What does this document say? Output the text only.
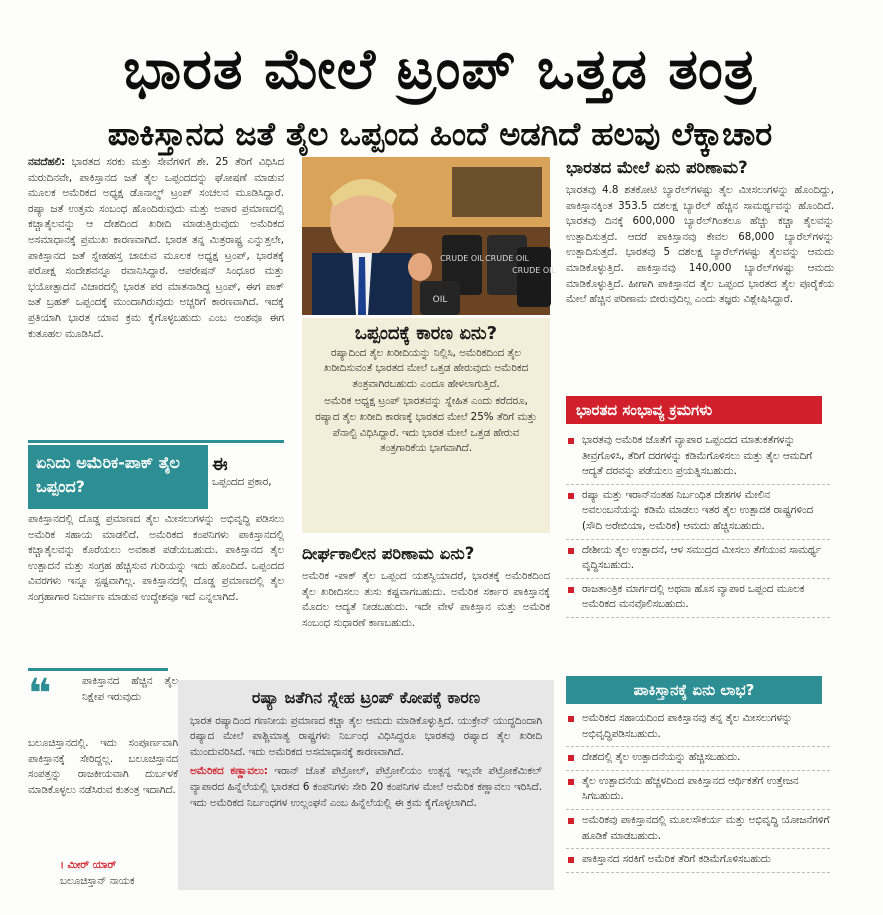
ಭಾರತ ಮೇಲೆ ಟ್ರಂಪ್ ಒತ್ತಡ ತಂತ್ರ
ಪಾಕಿಸ್ತಾನದ ಜತೆ ತೈಲ ಒಪ್ಪಂದ ಹಿಂದೆ ಅಡಗಿದೆ ಹಲವು ಲೆಕ್ಕಾಚಾರ
ನವದೆಹಲಿ: ಭಾರತದ ಸರಕು ಮತ್ತು ಸೇವೆಗಳಿಗೆ ಶೇ. 25 ತೆರಿಗೆ ವಿಧಿಸಿದ ಮರುದಿನವೇ, ಪಾಕಿಸ್ತಾನದ ಜತೆ ತೈಲ ಒಪ್ಪಂದದನ್ನು ಘೋಷಣೆ ಮಾಡುವ ಮೂಲಕ ಅಮೆರಿಕದ ಅಧ್ಯಕ್ಷ ಡೊನಾಲ್ಡ್ ಟ್ರಂಪ್ ಸಂಚಲನ ಮೂಡಿಸಿದ್ದಾರೆ. ರಷ್ಯಾ ಜತೆ ಉತ್ತಮ ಸಂಬಂಧ ಹೊಂದಿರುವುದು ಮತ್ತು ಅಪಾರ ಪ್ರಮಾಣದಲ್ಲಿ ಕಚ್ಚಾತೈಲವನ್ನು ಆ ದೇಶದಿಂದ ಖರೀದಿ ಮಾಡುತ್ತಿರುವುದು ಅಮೆರಿಕದ ಅಸಮಾಧಾನಕ್ಕೆ ಪ್ರಮುಖ ಕಾರಣವಾಗಿದೆ. ಭಾರತ ತನ್ನ ಮಿತ್ರರಾಷ್ಟ್ರ ಎನ್ನುತ್ತಲೇ, ಪಾಕಿಸ್ತಾನದ ಜತೆ ಸ್ನೇಹಹಸ್ತ ಚಾಚುವ ಮೂಲಕ ಅಧ್ಯಕ್ಷ ಟ್ರಂಪ್, ಭಾರತಕ್ಕೆ ಪರೋಕ್ಷ ಸಂದೇಶವನ್ನೂ ರವಾನಿಸಿದ್ದಾರೆ. ಆಪರೇಷನ್ ಸಿಂಧೂರ ಮತ್ತು ಭಯೋತ್ಪಾದನೆ ವಿಚಾರದಲ್ಲಿ ಭಾರತ ಪರ ಮಾತನಾಡಿದ್ದ ಟ್ರಂಪ್, ಈಗ ಪಾಕ್ ಜತೆ ಬ್ರಹತ್ ಒಪ್ಪಂದಕ್ಕೆ ಮುಂದಾಗಿರುವುದು ಅಚ್ಚರಿಗೆ ಕಾರಣವಾಗಿದೆ. ಇದಕ್ಕೆ ಪ್ರತಿಯಾಗಿ ಭಾರತ ಯಾವ ಕ್ರಮ ಕೈಗೊಳ್ಳಬಹುದು ಎಂಬ ಅಂಶವೂ ಈಗ ಕುತೂಹಲ ಮೂಡಿಸಿದೆ.
ಏನಿದು ಅಮೆರಿಕ-ಪಾಕ್ ತೈಲ ಒಪ್ಪಂದ?
ಈ
ಒಪ್ಪಂದದ ಪ್ರಕಾರ,
ಪಾಕಿಸ್ತಾನದಲ್ಲಿ ದೊಡ್ಡ ಪ್ರಮಾಣದ ತೈಲ ಮೀಸಲುಗಳನ್ನು ಅಭಿವೃದ್ಧಿ ಪಡಿಸಲು ಅಮೆರಿಕ ಸಹಾಯ ಮಾಡಲಿದೆ. ಅಮೆರಿಕದ ಕಂಪನಿಗಳು ಪಾಕಿಸ್ತಾನದಲ್ಲಿ ಕಚ್ಚಾತೈಲವನ್ನು ಕೊರೆಯಲು ಅವಕಾಶ ಪಡೆಯಬಹುದು. ಪಾಕಿಸ್ತಾನದ ತೈಲ ಉತ್ಪಾದನೆ ಮತ್ತು ಸಂಗ್ರಹ ಹೆಚ್ಚಿಸುವ ಗುರಿಯನ್ನು ಇದು ಹೊಂದಿದೆ. ಒಪ್ಪಂದದ ವಿವರಗಳು ಇನ್ನೂ ಸ್ಪಷ್ಟವಾಗಿಲ್ಲ. ಪಾಕಿಸ್ತಾನದಲ್ಲಿ ದೊಡ್ಡ ಪ್ರಮಾಣದಲ್ಲಿ ತೈಲ ಸಂಗ್ರಹಾಗಾರ ನಿರ್ಮಾಣ ಮಾಡುವ ಉದ್ದೇಶವೂ ಇದೆ ಎನ್ನಲಾಗಿದೆ.
❝	ಪಾಕಿಸ್ತಾನದ ಹೆಚ್ಚಿನ ತೈಲ ನಿಕ್ಷೇಪ ಇರುವುದು
ಬಲೂಚಿಸ್ತಾನದಲ್ಲಿ. ಇದು ಸಂಪೂರ್ಣವಾಗಿ ಪಾಕಿಸ್ತಾನಕ್ಕೆ ಸೇರಿದ್ದಲ್ಲ. ಬಲೂಚಿಸ್ತಾನದ ಸಂಪತ್ತನ್ನು ರಾಜಕೀಯವಾಗಿ ದುರ್ಬಳಕೆ ಮಾಡಿಕೊಳ್ಳಲು ನಡೆಸಿರುವ ಕುತಂತ್ರ ಇದಾಗಿದೆ.
। ಮೀರ್ ಯಾರ್
ಬಲೂಚಿಸ್ತಾನ್ ನಾಯಕ
CRUDE OIL CRUDE OIL
CRUDE OIL
OIL
ಒಪ್ಪಂದಕ್ಕೆ ಕಾರಣ ಏನು?

ರಷ್ಯಾದಿಂದ ತೈಲ ಖರೀದಿಯನ್ನು ನಿಲ್ಲಿಸಿ, ಅಮೆರಿಕದಿಂದ ತೈಲ ಖರೀದಿಸುವಂತೆ ಭಾರತದ ಮೇಲೆ ಒತ್ತಡ ಹೇರುವುದು ಅಮೆರಿಕದ ತಂತ್ರವಾಗಿರಬಹುದು ಎಂದೂ ಹೇಳಲಾಗುತ್ತಿದೆ.

ಅಮೆರಿಕ ಅಧ್ಯಕ್ಷ ಟ್ರಂಪ್ ಭಾರತವನ್ನು ಸ್ನೇಹಿತ ಎಂದು ಕರೆದರೂ, ರಷ್ಯಾದ ತೈಲ ಖರೀದಿ ಕಾರಣಕ್ಕೆ ಭಾರತದ ಮೇಲೆ 25% ತೆರಿಗೆ ಮತ್ತು ಪೆನಾಲ್ಟಿ ವಿಧಿಸಿದ್ದಾರೆ. ಇದು ಭಾರತ ಮೇಲೆ ಒತ್ತಡ ಹೇರುವ ತಂತ್ರಗಾರಿಕೆಯ ಭಾಗವಾಗಿದೆ.

ದೀರ್ಘಕಾಲೀನ ಪರಿಣಾಮ ಏನು?

ಅಮೆರಿಕ -ಪಾಕ್ ತೈಲ ಒಪ್ಪಂದ ಯಶಸ್ವಿಯಾದರೆ, ಭಾರತಕ್ಕೆ ಅಮೆರಿಕದಿಂದ ತೈಲ ಖರೀದಿಸಲು ತುಸು ಕಷ್ಟವಾಗಬಹುದು. ಅಮೆರಿಕ ಸರ್ಕಾರ ಪಾಕಿಸ್ತಾನಕ್ಕೆ ಮೊದಲ ಆದ್ಯತೆ ನೀಡಬಹುದು. ಇದೇ ವೇಳೆ ಪಾಕಿಸ್ತಾನ ಮತ್ತು ಅಮೆರಿಕ ಸಂಬಂಧ ಸುಧಾರಣೆ ಕಾಣಬಹುದು.

ಭಾರತದ ಮೇಲೆ ಏನು ಪರಿಣಾಮ?

ಭಾರತವು 4.8 ಶತಕೋಟಿ ಬ್ಯಾರೆಲ್‌ಗಳಷ್ಟು ತೈಲ ಮೀಸಲುಗಳನ್ನು ಹೊಂದಿದ್ದು, ಪಾಕಿಸ್ತಾನಕ್ಕಿಂತ 353.5 ದಶಲಕ್ಷ ಬ್ಯಾರೆಲ್ ಹೆಚ್ಚಿನ ಸಾಮರ್ಥ್ಯವನ್ನು ಹೊಂದಿದೆ. ಭಾರತವು ದಿನಕ್ಕೆ 600,000 ಬ್ಯಾರೆಲ್‌ಗಿಂತಲೂ ಹೆಚ್ಚು ಕಚ್ಚಾ ತೈಲವನ್ನು ಉತ್ಪಾದಿಸುತ್ತದೆ. ಆದರೆ ಪಾಕಿಸ್ತಾನವು ಕೇವಲ 68,000 ಬ್ಯಾರೆಲ್‌ಗಳನ್ನು ಉತ್ಪಾದಿಸುತ್ತದೆ. ಭಾರತವು 5 ದಶಲಕ್ಷ ಬ್ಯಾರೆಲ್‌ಗಳಷ್ಟು ತೈಲವನ್ನು ಆಮದು ಮಾಡಿಕೊಳ್ಳುತ್ತಿದೆ. ಪಾಕಿಸ್ತಾನವು 140,000 ಬ್ಯಾರೆಲ್‌ಗಳಷ್ಟು ಆಮದು ಮಾಡಿಕೊಳ್ಳುತ್ತಿದೆ. ಹೀಗಾಗಿ ಪಾಕಿಸ್ತಾನದ ತೈಲ ಒಪ್ಪಂದ ಭಾರತದ ತೈಲ ಪೂರೈಕೆಯ ಮೇಲೆ ಹೆಚ್ಚಿನ ಪರಿಣಾಮ ಬೀರುವುದಿಲ್ಲ ಎಂದು ತಜ್ಞರು ವಿಶ್ಲೇಷಿಸಿದ್ದಾರೆ.

ಭಾರತದ ಸಂಭಾವ್ಯ ಕ್ರಮಗಳು
ಭಾರತವು ಅಮೆರಿಕ ಜೊತೆಗೆ ವ್ಯಾಪಾರ ಒಪ್ಪಂದದ ಮಾತುಕತೆಗಳನ್ನು ತೀವ್ರಗೊಳಿಸಿ, ತೆರಿಗೆ ದರಗಳನ್ನು ಕಡಿಮೆಗೊಳಿಸಲು ಮತ್ತು ತೈಲ ಆಮದಿಗೆ ಆದ್ಯತೆ ದರವನ್ನು ಪಡೆಯಲು ಪ್ರಯತ್ನಿಸಬಹುದು.
ರಷ್ಯಾ ಮತ್ತು ಇರಾನ್‌ನಂತಹ ನಿರ್ಬಂಧಿತ ದೇಶಗಳ ಮೇಲಿನ ಅವಲಂಬನೆಯನ್ನು ಕಡಿಮೆ ಮಾಡಲು ಇತರ ತೈಲ ಉತ್ಪಾದಕ ರಾಷ್ಟ್ರಗಳಿಂದ (ಸೌದಿ ಅರೇಬಿಯಾ, ಅಮೆರಿಕ) ಆಮದು ಹೆಚ್ಚಿಸಬಹುದು.
ದೇಶೀಯ ತೈಲ ಉತ್ಪಾದನೆ, ಆಳ ಸಮುದ್ರದ ಮೀಸಲು ತೆಗೆಯುವ ಸಾಮರ್ಥ್ಯ ವೃದ್ಧಿಸಬಹುದು.
ರಾಜತಾಂತ್ರಿಕ ಮಾರ್ಗದಲ್ಲಿ ಅಥವಾ ಹೊಸ ವ್ಯಾಪಾರ ಒಪ್ಪಂದ ಮೂಲಕ ಅಮೆರಿಕದ ಮನವೊಲಿಸಬಹುದು.
ಪಾಕಿಸ್ತಾನಕ್ಕೆ ಏನು ಲಾಭ?
ಅಮೆರಿಕದ ಸಹಾಯದಿಂದ ಪಾಕಿಸ್ತಾನವು ತನ್ನ ತೈಲ ಮೀಸಲುಗಳನ್ನು ಅಭಿವೃದ್ಧಿಪಡಿಸಬಹುದು.
ದೇಶದಲ್ಲಿ ತೈಲ ಉತ್ಪಾದನೆಯನ್ನು ಹೆಚ್ಚಿಸಬಹುದು.
ತೈಲ ಉತ್ಪಾದನೆಯ ಹೆಚ್ಚಳದಿಂದ ಪಾಕಿಸ್ತಾನದ ಆರ್ಥಿಕತೆಗೆ ಉತ್ತೇಜನ ಸಿಗಬಹುದು.
ಅಮೆರಿಕವು ಪಾಕಿಸ್ತಾನದಲ್ಲಿ ಮೂಲಸೌಕರ್ಯ ಮತ್ತು ಅಭಿವೃದ್ಧಿ ಯೋಜನೆಗಳಿಗೆ ಹೂಡಿಕೆ ಮಾಡಬಹುದು.
ಪಾಕಿಸ್ತಾನದ ಸರಕಿಗೆ ಅಮೆರಿಕ ತೆರಿಗೆ ಕಡಿಮೆಗೊಳಿಸಬಹುದು
ರಷ್ಯಾ ಜತೆಗಿನ ಸ್ನೇಹ ಟ್ರಂಪ್ ಕೋಪಕ್ಕೆ ಕಾರಣ

ಭಾರತ ರಷ್ಯಾದಿಂದ ಗಣನೀಯ ಪ್ರಮಾಣದ ಕಚ್ಚಾ ತೈಲ ಆಮದು ಮಾಡಿಕೊಳ್ಳುತ್ತಿದೆ. ಯುಕ್ರೇನ್ ಯುದ್ಧದಿಂದಾಗಿ ರಷ್ಯಾದ ಮೇಲೆ ಪಾಶ್ಚಿಮಾತ್ಯ ರಾಷ್ಟ್ರಗಳು ನಿರ್ಬಂಧ ವಿಧಿಸಿದ್ದರೂ ಭಾರತವು ರಷ್ಯಾದ ತೈಲ ಖರೀದಿ ಮುಂದುವರಿಸಿದೆ. ಇದು ಅಮೆರಿಕದ ಅಸಮಾಧಾನಕ್ಕೆ ಕಾರಣವಾಗಿದೆ.

ಅಮೆರಿಕದ ಕಣ್ಣಾವಲು: ಇರಾನ್ ಜೊತೆ ಪೆಟ್ರೋಲ್, ಪೆಟ್ರೋಲಿಯಂ ಉತ್ಪನ್ನ ಇಲ್ಲವೇ ಪೆಟ್ರೋಕೆಮಿಕಲ್ ವ್ಯಾಪಾರದ ಹಿನ್ನೆಲೆಯಲ್ಲಿ ಭಾರತದ 6 ಕಂಪನಿಗಳು ಸೇರಿ 20 ಕಂಪನಿಗಳ ಮೇಲೆ ಅಮೆರಿಕ ಕಣ್ಣಾವಲು ಇರಿಸಿದೆ. ಇದು ಅಮೆರಿಕದ ನಿರ್ಬಂಧಗಳ ಉಲ್ಲಂಘನೆ ಎಂಬ ಹಿನ್ನೆಲೆಯಲ್ಲಿ ಈ ಕ್ರಮ ಕೈಗೊಳ್ಳಲಾಗಿದೆ.
